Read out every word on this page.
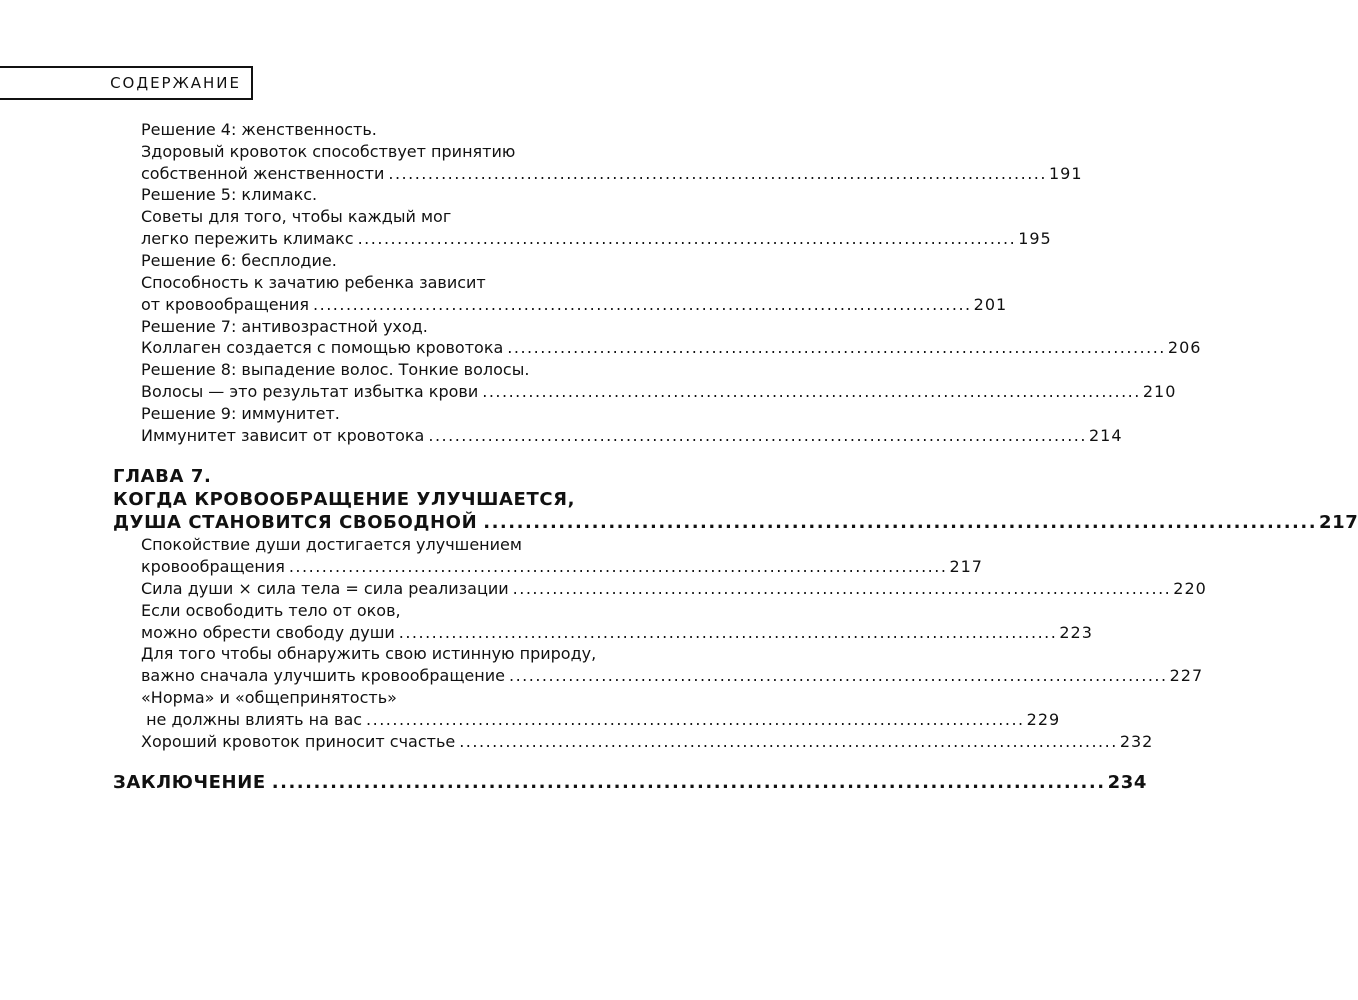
СОДЕРЖАНИЕ
Решение 4: женственность.
Здоровый кровоток способствует принятию
собственной женственности .................................................................................................... 191
Решение 5: климакс.
Советы для того, чтобы каждый мог
легко пережить климакс .................................................................................................... 195
Решение 6: бесплодие.
Способность к зачатию ребенка зависит
от кровообращения .................................................................................................... 201
Решение 7: антивозрастной уход.
Коллаген создается с помощью кровотока .................................................................................................... 206
Решение 8: выпадение волос. Тонкие волосы.
Волосы — это результат избытка крови .................................................................................................... 210
Решение 9: иммунитет.
Иммунитет зависит от кровотока .................................................................................................... 214
ГЛАВА 7.
КОГДА КРОВООБРАЩЕНИЕ УЛУЧШАЕТСЯ,
ДУША СТАНОВИТСЯ СВОБОДНОЙ .................................................................................................... 217
Спокойствие души достигается улучшением
кровообращения .................................................................................................... 217
Сила души × сила тела = сила реализации .................................................................................................... 220
Если освободить тело от оков,
можно обрести свободу души .................................................................................................... 223
Для того чтобы обнаружить свою истинную природу,
важно сначала улучшить кровообращение .................................................................................................... 227
«Норма» и «общепринятость»
не должны влиять на вас .................................................................................................... 229
Хороший кровоток приносит счастье .................................................................................................... 232
ЗАКЛЮЧЕНИЕ .................................................................................................... 234
